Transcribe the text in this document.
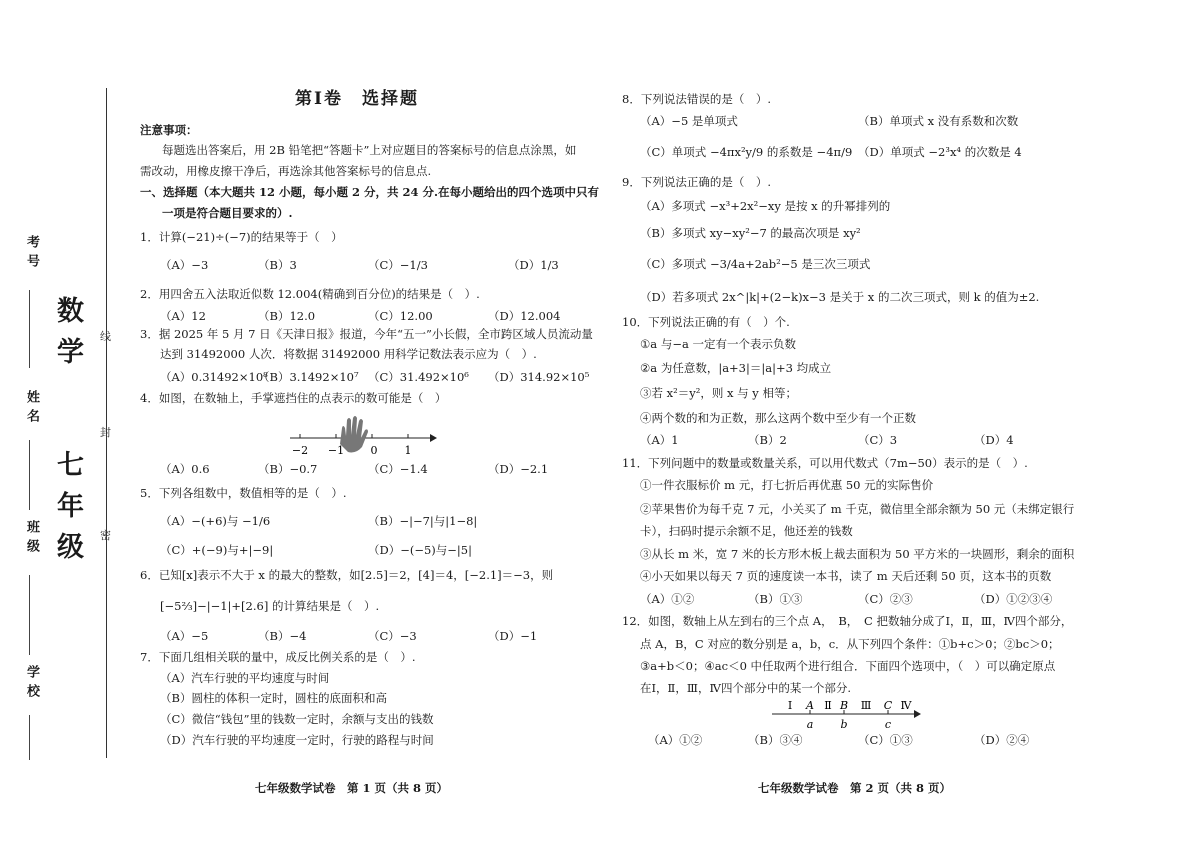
考号
姓名
班级
学校
数学
七年级
线
封
密
第Ⅰ卷　选择题
注意事项：
每题选出答案后，用 2B 铅笔把“答题卡”上对应题目的答案标号的信息点涂黑，如
需改动，用橡皮擦干净后，再选涂其他答案标号的信息点.
一、选择题（本大题共 12 小题，每小题 2 分，共 24 分.在每小题给出的四个选项中只有
一项是符合题目要求的）.
1．计算(−21)÷(−7)的结果等于（　）
（A）−3	（B）3	（C）−1/3	（D）1/3
2．用四舍五入法取近似数 12.004(精确到百分位)的结果是（　）.
（A）12	（B）12.0	（C）12.00	（D）12.004
3．据 2025 年 5 月 7 日《天津日报》报道，今年“五一”小长假，全市跨区域人员流动量
达到 31492000 人次．将数据 31492000 用科学记数法表示应为（　）.
（A）0.31492×10⁸
（B）3.1492×10⁷ （C）31.492×10⁶ （D）314.92×10⁵
4．如图，在数轴上，手掌遮挡住的点表示的数可能是（　）
−2 −1 0 1
（A）0.6	（B）−0.7	（C）−1.4	（D）−2.1
5．下列各组数中，数值相等的是（　）.
（A）−(+6)与 −1/6	（B）−|−7|与|1−8|
（C）+(−9)与+|−9|	（D）−(−5)与−|5|
6．已知[x]表示不大于 x 的最大的整数，如[2.5]＝2，[4]＝4，[−2.1]＝−3，则
[−5⅔]−|−1|+[2.6] 的计算结果是（　）.
（A）−5	（B）−4	（C）−3	（D）−1
7．下面几组相关联的量中，成反比例关系的是（　）.
（A）汽车行驶的平均速度与时间
（B）圆柱的体积一定时，圆柱的底面积和高
（C）微信“钱包”里的钱数一定时，余额与支出的钱数
（D）汽车行驶的平均速度一定时，行驶的路程与时间
七年级数学试卷　第 1 页（共 8 页）
8．下列说法错误的是（　）.
（A）−5 是单项式	（B）单项式 x 没有系数和次数
（C）单项式 −4πx²y/9 的系数是 −4π/9 （D）单项式 −2³x⁴ 的次数是 4
9．下列说法正确的是（　）.
（A）多项式 −x³+2x²−xy 是按 x 的升幂排列的
（B）多项式 xy−xy²−7 的最高次项是 xy²
（C）多项式 −3/4a+2ab²−5 是三次三项式
（D）若多项式 2x^|k|+(2−k)x−3 是关于 x 的二次三项式，则 k 的值为±2.
10．下列说法正确的有（　）个.
①a 与−a 一定有一个表示负数
②a 为任意数，|a+3|＝|a|+3 均成立
③若 x²＝y²，则 x 与 y 相等；
④两个数的和为正数，那么这两个数中至少有一个正数
（A）1	（B）2	（C）3	（D）4
11．下列问题中的数量或数量关系，可以用代数式（7m−50）表示的是（　）.
①一件衣服标价 m 元，打七折后再优惠 50 元的实际售价
②苹果售价为每千克 7 元，小关买了 m 千克，微信里全部余额为 50 元（未绑定银行
卡），扫码时提示余额不足，他还差的钱数
③从长 m 米，宽 7 米的长方形木板上裁去面积为 50 平方米的一块圆形，剩余的面积
④小天如果以每天 7 页的速度读一本书，读了 m 天后还剩 50 页，这本书的页数
（A）①②	（B）①③	（C）②③	（D）①②③④
12．如图，数轴上从左到右的三个点 A，　B，　C 把数轴分成了Ⅰ，Ⅱ，Ⅲ，Ⅳ四个部分，
点 A，B，C 对应的数分别是 a，b，c．从下列四个条件：①b+c＞0；②bc＞0；
③a+b＜0；④ac＜0 中任取两个进行组合．下面四个选项中，（　）可以确定原点
在Ⅰ，Ⅱ，Ⅲ，Ⅳ四个部分中的某一个部分.
Ⅰ A Ⅱ B Ⅲ C Ⅳ
a b	c
（A）①②	（B）③④	（C）①③	（D）②④
七年级数学试卷　第 2 页（共 8 页）
